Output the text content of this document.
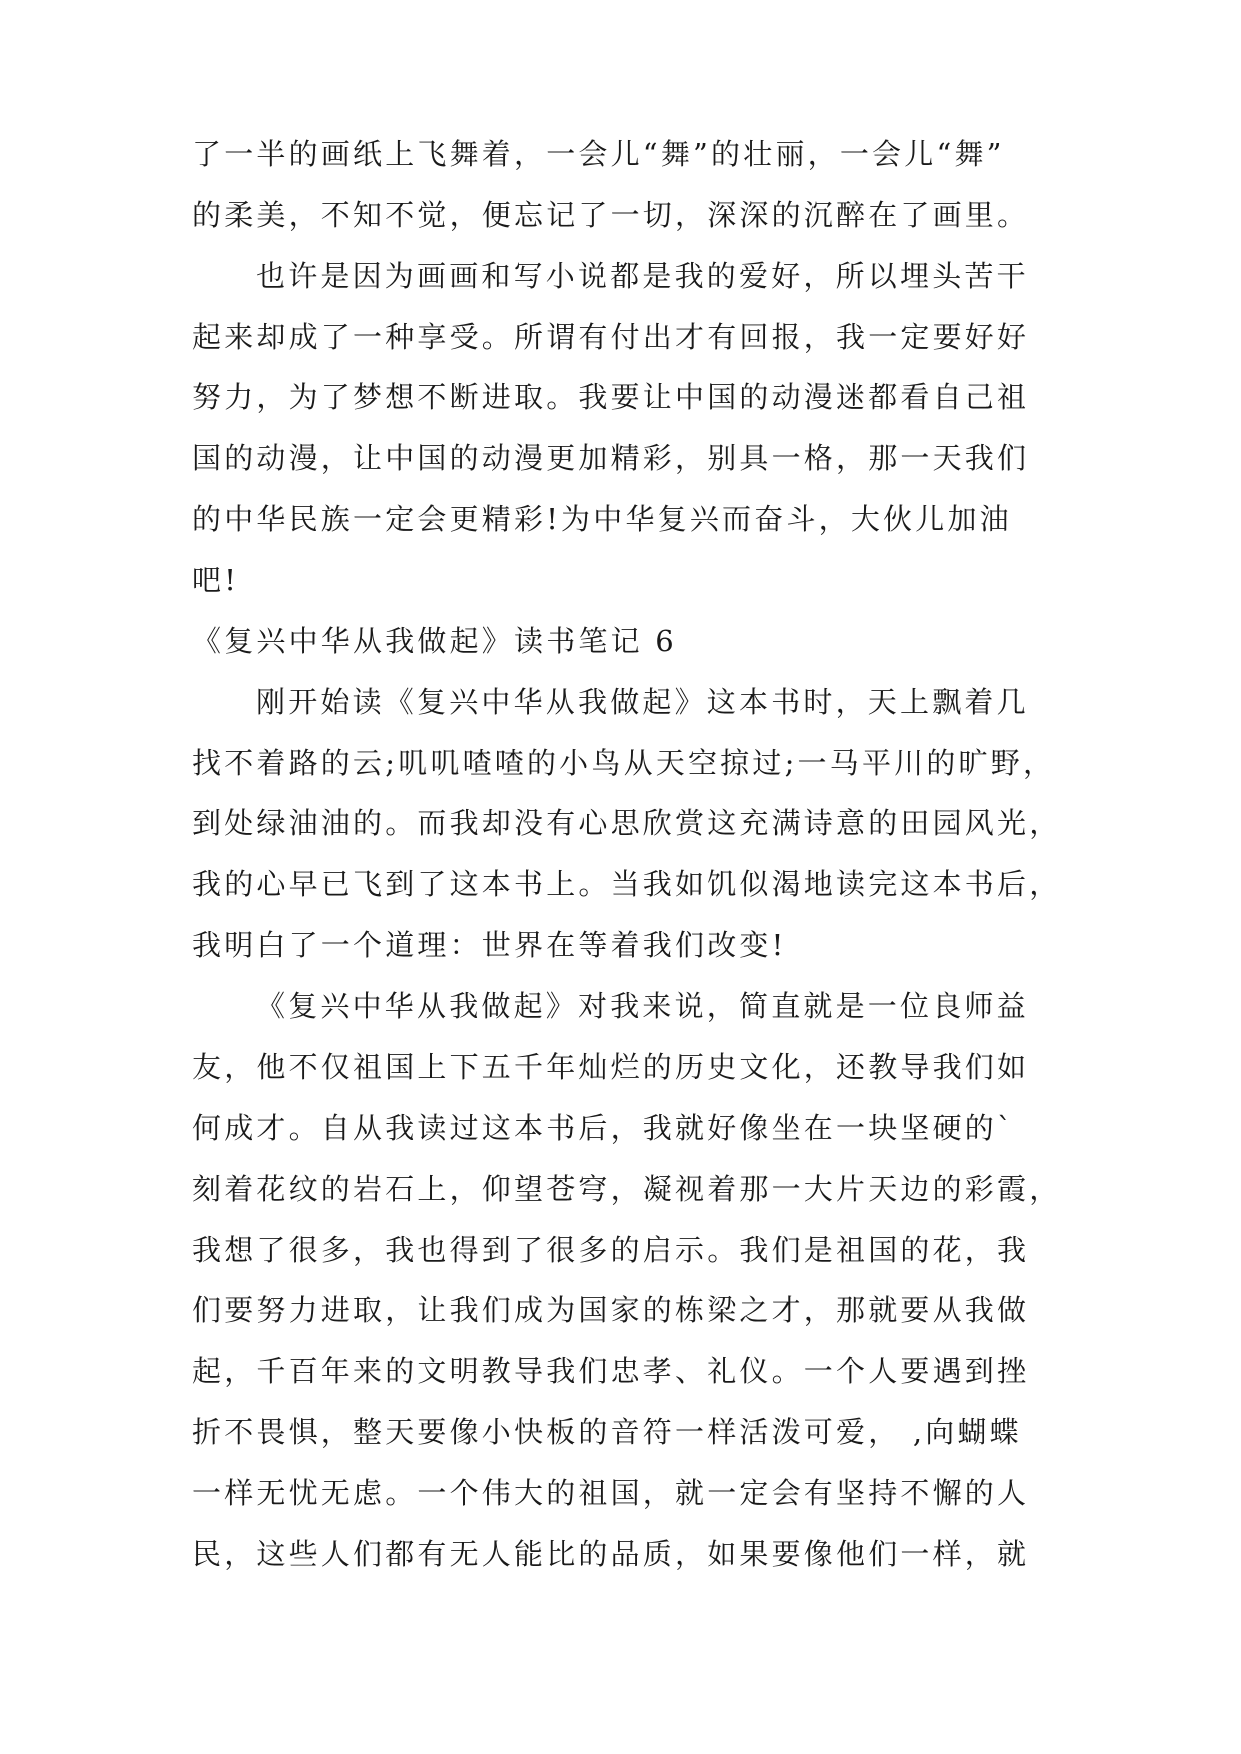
了一半的画纸上飞舞着，一会儿“舞”的壮丽，一会儿“舞”
的柔美，不知不觉，便忘记了一切，深深的沉醉在了画里。
也许是因为画画和写小说都是我的爱好，所以埋头苦干
起来却成了一种享受。所谓有付出才有回报，我一定要好好
努力，为了梦想不断进取。我要让中国的动漫迷都看自己祖
国的动漫，让中国的动漫更加精彩，别具一格，那一天我们
的中华民族一定会更精彩!为中华复兴而奋斗，大伙儿加油
吧!
《复兴中华从我做起》读书笔记 6
刚开始读《复兴中华从我做起》这本书时，天上飘着几
找不着路的云;叽叽喳喳的小鸟从天空掠过;一马平川的旷野，
到处绿油油的。而我却没有心思欣赏这充满诗意的田园风光，
我的心早已飞到了这本书上。当我如饥似渴地读完这本书后，
我明白了一个道理：世界在等着我们改变!
《复兴中华从我做起》对我来说，简直就是一位良师益
友，他不仅祖国上下五千年灿烂的历史文化，还教导我们如
何成才。自从我读过这本书后，我就好像坐在一块坚硬的`
刻着花纹的岩石上，仰望苍穹，凝视着那一大片天边的彩霞，
我想了很多，我也得到了很多的启示。我们是祖国的花，我
们要努力进取，让我们成为国家的栋梁之才，那就要从我做
起，千百年来的文明教导我们忠孝、礼仪。一个人要遇到挫
折不畏惧，整天要像小快板的音符一样活泼可爱， ,向蝴蝶
一样无忧无虑。一个伟大的祖国，就一定会有坚持不懈的人
民，这些人们都有无人能比的品质，如果要像他们一样，就
